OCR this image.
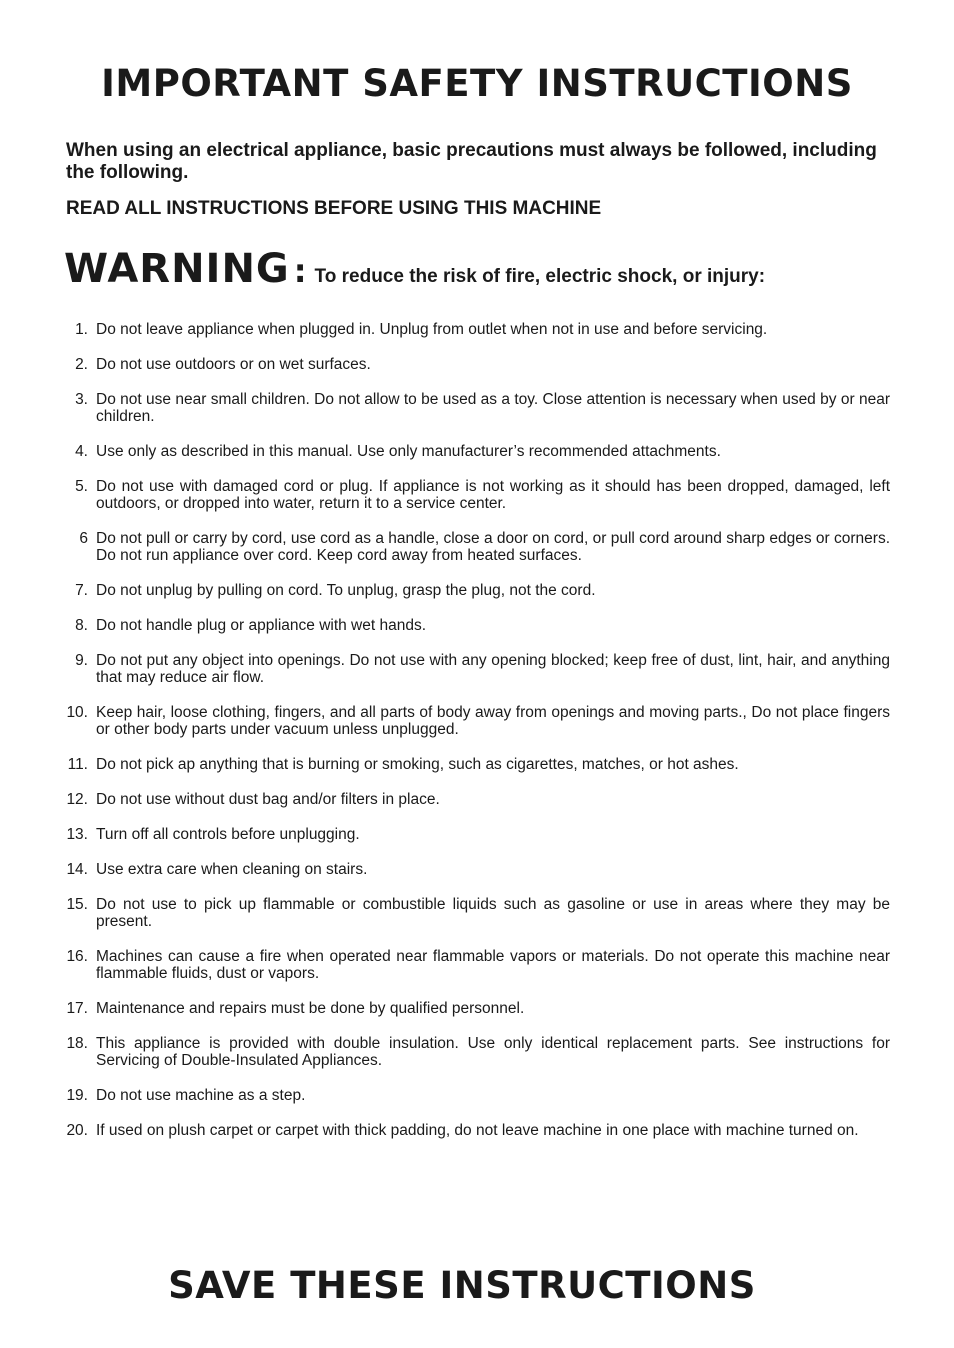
IMPORTANT SAFETY INSTRUCTIONS

When using an electrical appliance, basic precautions must always be followed, including the following.

READ ALL INSTRUCTIONS BEFORE USING THIS MACHINE

WARNING : To reduce the risk of fire, electric shock, or injury:
1. Do not leave appliance when plugged in. Unplug from outlet when not in use and before servicing.
2. Do not use outdoors or on wet surfaces.
3. Do not use near small children. Do not allow to be used as a toy. Close attention is necessary when used by or near children.
4. Use only as described in this manual. Use only manufacturer’s recommended attachments.
5. Do not use with damaged cord or plug. If appliance is not working as it should has been dropped, damaged, left outdoors, or dropped into water, return it to a service center.
6 Do not pull or carry by cord, use cord as a handle, close a door on cord, or pull cord around sharp edges or corners. Do not run appliance over cord. Keep cord away from heated surfaces.
7. Do not unplug by pulling on cord. To unplug, grasp the plug, not the cord.
8. Do not handle plug or appliance with wet hands.
9. Do not put any object into openings. Do not use with any opening blocked; keep free of dust, lint, hair, and anything that may reduce air flow.
10. Keep hair, loose clothing, fingers, and all parts of body away from openings and moving parts., Do not place fingers or other body parts under vacuum unless unplugged.
11. Do not pick ap anything that is burning or smoking, such as cigarettes, matches, or hot ashes.
12. Do not use without dust bag and/or filters in place.
13. Turn off all controls before unplugging.
14. Use extra care when cleaning on stairs.
15. Do not use to pick up flammable or combustible liquids such as gasoline or use in areas where they may be present.
16. Machines can cause a fire when operated near flammable vapors or materials. Do not operate this machine near flammable fluids, dust or vapors.
17. Maintenance and repairs must be done by qualified personnel.
18. This appliance is provided with double insulation. Use only identical replacement parts. See instructions for Servicing of Double-Insulated Appliances.
19. Do not use machine as a step.
20. If used on plush carpet or carpet with thick padding, do not leave machine in one place with machine turned on.
SAVE THESE INSTRUCTIONS
